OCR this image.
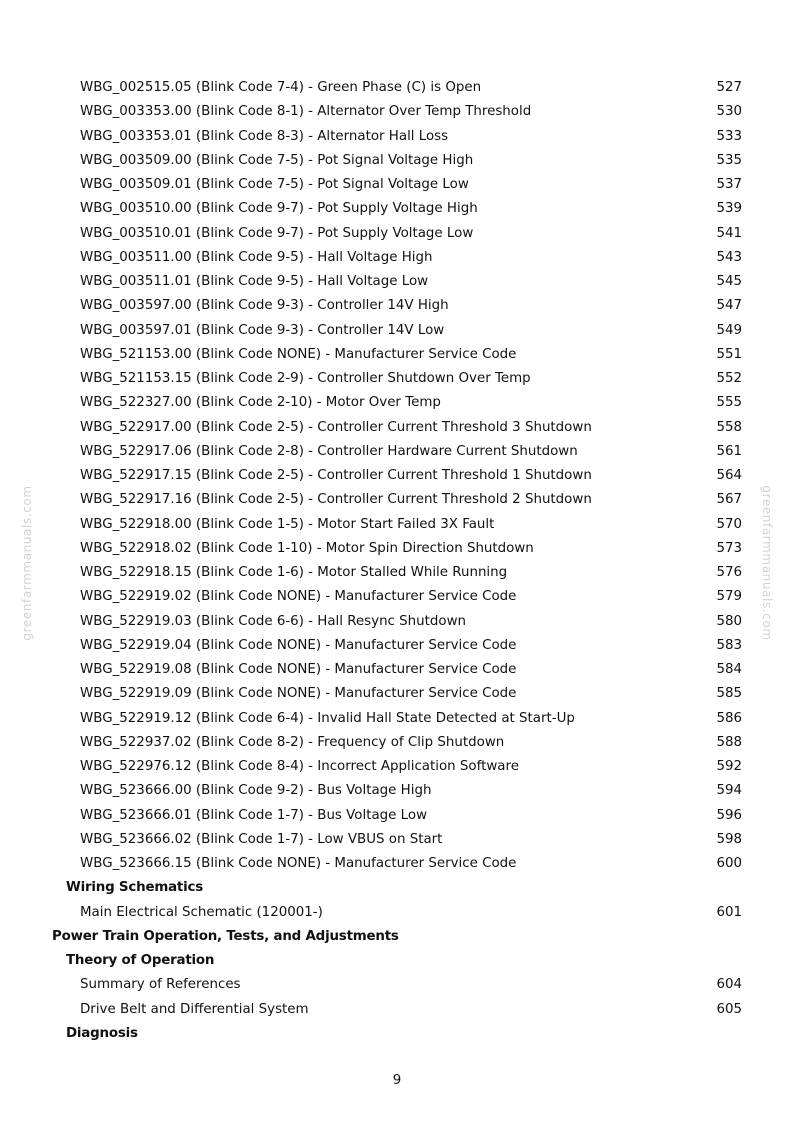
greenfarmmanuals.com	greenfarmmanuals.com
WBG_002515.05 (Blink Code 7-4) - Green Phase (C) is Open	527
WBG_003353.00 (Blink Code 8-1) - Alternator Over Temp Threshold	530
WBG_003353.01 (Blink Code 8-3) - Alternator Hall Loss	533
WBG_003509.00 (Blink Code 7-5) - Pot Signal Voltage High	535
WBG_003509.01 (Blink Code 7-5) - Pot Signal Voltage Low	537
WBG_003510.00 (Blink Code 9-7) - Pot Supply Voltage High	539
WBG_003510.01 (Blink Code 9-7) - Pot Supply Voltage Low	541
WBG_003511.00 (Blink Code 9-5) - Hall Voltage High	543
WBG_003511.01 (Blink Code 9-5) - Hall Voltage Low	545
WBG_003597.00 (Blink Code 9-3) - Controller 14V High	547
WBG_003597.01 (Blink Code 9-3) - Controller 14V Low	549
WBG_521153.00 (Blink Code NONE) - Manufacturer Service Code	551
WBG_521153.15 (Blink Code 2-9) - Controller Shutdown Over Temp	552
WBG_522327.00 (Blink Code 2-10) - Motor Over Temp	555
WBG_522917.00 (Blink Code 2-5) - Controller Current Threshold 3 Shutdown	558
WBG_522917.06 (Blink Code 2-8) - Controller Hardware Current Shutdown	561
WBG_522917.15 (Blink Code 2-5) - Controller Current Threshold 1 Shutdown	564
WBG_522917.16 (Blink Code 2-5) - Controller Current Threshold 2 Shutdown	567
WBG_522918.00 (Blink Code 1-5) - Motor Start Failed 3X Fault	570
WBG_522918.02 (Blink Code 1-10) - Motor Spin Direction Shutdown	573
WBG_522918.15 (Blink Code 1-6) - Motor Stalled While Running	576
WBG_522919.02 (Blink Code NONE) - Manufacturer Service Code	579
WBG_522919.03 (Blink Code 6-6) - Hall Resync Shutdown	580
WBG_522919.04 (Blink Code NONE) - Manufacturer Service Code	583
WBG_522919.08 (Blink Code NONE) - Manufacturer Service Code	584
WBG_522919.09 (Blink Code NONE) - Manufacturer Service Code	585
WBG_522919.12 (Blink Code 6-4) - Invalid Hall State Detected at Start-Up	586
WBG_522937.02 (Blink Code 8-2) - Frequency of Clip Shutdown	588
WBG_522976.12 (Blink Code 8-4) - Incorrect Application Software	592
WBG_523666.00 (Blink Code 9-2) - Bus Voltage High	594
WBG_523666.01 (Blink Code 1-7) - Bus Voltage Low	596
WBG_523666.02 (Blink Code 1-7) - Low VBUS on Start	598
WBG_523666.15 (Blink Code NONE) - Manufacturer Service Code	600
Wiring Schematics
Main Electrical Schematic (120001-)	601
Power Train Operation, Tests, and Adjustments
Theory of Operation
Summary of References	604
Drive Belt and Differential System	605
Diagnosis
9
